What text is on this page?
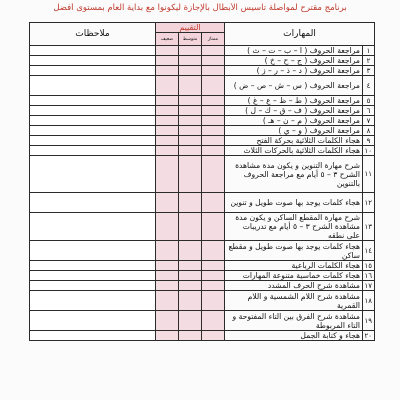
برنامج مقترح لمواصلة تأسيس الأبطال بالإجازة ليكونوا مع بداية العام بمستوى أفضل
المهارات		التقييم			ملاحظات
		ممتاز	متوسط	ضعيف	
١	مراجعة الحروف ( ا – ب – ت – ث )				
٢	مراجعة الحروف ( ج – ح – خ )				
٣	مراجعة الحروف ( د – ذ – ر – ز )				
٤	مراجعة الحروف ( س – ش – ص – ض )				
٥	مراجعة الحروف ( ط – ظ – ع – غ )				
٦	مراجعة الحروف ( ف – ق – ك – ل )				
٧	مراجعة الحروف ( م – ن – هـ )				
٨	مراجعة الحروف ( و – ي )				
٩	هجاء الكلمات الثلاثية بحركة الفتح				
١٠	هجاء الكلمات الثلاثية بالحركات الثلاث				
١١	شرح مهارة التنوين و يكون مدة مشاهدة الشرح ٣ – ٥ أيام مع مراجعة الحروف بالتنوين				
١٢	هجاء كلمات يوجد بها صوت طويل و تنوين				
١٣	شرح مهارة المقطع الساكن و يكون مدة مشاهدة الشرح ٣ – ٥ أيام مع تدريبات على نطقه				
١٤	هجاء كلمات يوجد بها صوت طويل و مقطع ساكن				
١٥	هجاء الكلمات الرباعية				
١٦	هجاء كلمات خماسية متنوعة المهارات				
١٧	مشاهدة شرح الحرف المشدد				
١٨	مشاهدة شرح اللام الشمسية و اللام القمرية				
١٩	مشاهدة شرح الفرق بين التاء المفتوحة و التاء المربوطة				
٢٠	هجاء و كتابة الجمل				
